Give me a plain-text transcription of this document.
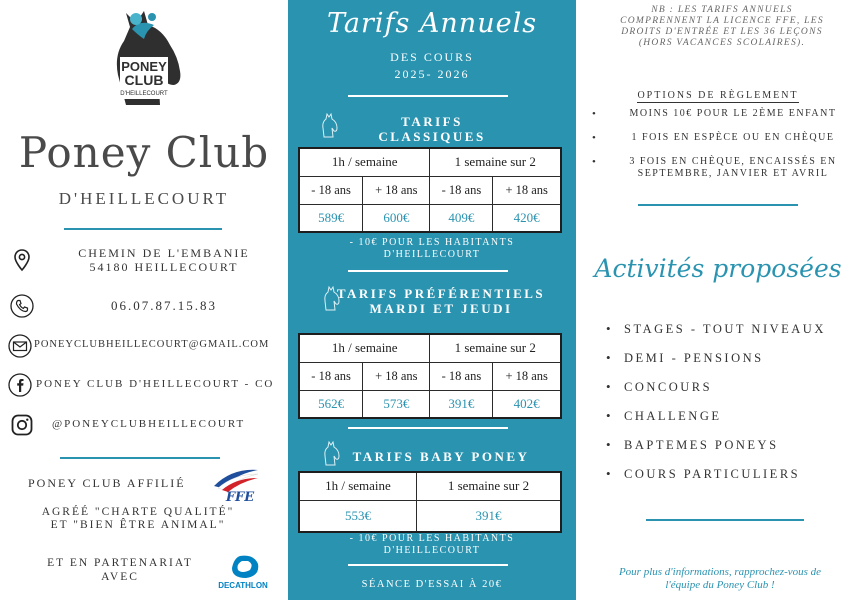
PONEY
CLUB
D'HEILLECOURT
Poney Club
D'HEILLECOURT
CHEMIN DE L'EMBANIE
54180 HEILLECOURT
06.07.87.15.83
PONEYCLUBHEILLECOURT@GMAIL.COM
PONEY CLUB D'HEILLECOURT - CO
@PONEYCLUBHEILLECOURT
PONEY CLUB AFFILIÉ
FFE
AGRÉÉ "CHARTE QUALITÉ"
ET "BIEN ÊTRE ANIMAL"
ET EN PARTENARIAT
AVEC
DECATHLON
Tarifs Annuels
DES COURS
2025- 2026
TARIFS
CLASSIQUES
1h / semaine		1 semaine sur 2	
- 18 ans	+ 18 ans	- 18 ans	+ 18 ans
589€	600€	409€	420€
- 10€ POUR LES HABITANTS
D'HEILLECOURT
TARIFS PRÉFÉRENTIELS
MARDI ET JEUDI
1h / semaine		1 semaine sur 2	
- 18 ans	+ 18 ans	- 18 ans	+ 18 ans
562€	573€	391€	402€
TARIFS BABY PONEY
1h / semaine	1 semaine sur 2
553€	391€
- 10€ POUR LES HABITANTS
D'HEILLECOURT
SÉANCE D'ESSAI À 20€
NB : LES TARIFS ANNUELS
COMPRENNENT LA LICENCE FFE, LES
DROITS D'ENTRÉE ET LES 36 LEÇONS
(HORS VACANCES SCOLAIRES).
OPTIONS DE RÈGLEMENT
• MOINS 10€ POUR LE 2ÈME ENFANT
• 1 FOIS EN ESPÈCE OU EN CHÈQUE
• 3 FOIS EN CHÈQUE, ENCAISSÉS EN SEPTEMBRE, JANVIER ET AVRIL
Activités proposées
• STAGES - TOUT NIVEAUX
• DEMI - PENSIONS
• CONCOURS
• CHALLENGE
• BAPTEMES PONEYS
• COURS PARTICULIERS
Pour plus d'informations, rapprochez-vous de
l'équipe du Poney Club !
